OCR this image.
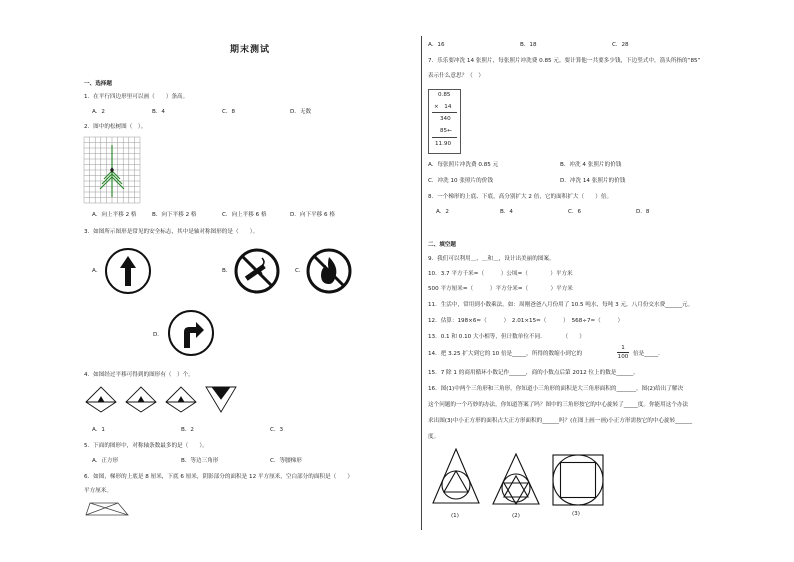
期末测试
一、选择题
1．在平行四边形里可以画（　　）条高。
A．2	B．4	C．8	D．无数
2．图中的松树图（　）。
A．向上平移 2 格	B．向下平移 2 格	C．向上平移 6 格	D．向下平移 6 格
3．如图所示图形是常见的安全标志，其中是轴对称图形的是（　　）。
A．	B．	C．
D．
4．如图经过平移可得到的图形有（　）个。
A．1	B．2	C．3
5．下面的图形中，对称轴条数最多的是（　　）。
A．正方形	B．等边三角形	C．等腰梯形
6．如图，梯形的上底是 8 厘米，下底 6 厘米，阴影部分的面积是 12 平方厘米，空白部分的面积是（　　）
平方厘米。
A．16	B．18	C．28
7．乐乐要冲洗 14 张照片，每张照片冲洗费 0.85 元。要计算他一共要多少钱，下边竖式中，箭头所指的“85”
表示什么意思？（　）
0.85
×　14
340
85←
11.90
A．每张照片冲洗费 0.85 元	B．冲洗 4 张照片的价钱
C．冲洗 10 张照片的价钱	D．冲洗 14 张照片的价钱
8．一个梯形的上底、下底，高分别扩大 2 倍，它的面积扩大（　　）倍。
A．2	B．4	C．6	D．8
二、填空题
9．我们可以利用＿、＿和＿，设计出美丽的图案。
10．3.7 平方千米=（　　　）公顷=（　　　　）平方米
500 平方厘米=（　　　）平方分米=（　　　　）平方米
11．生活中，常用到小数乘法。如：周刚爸爸八月份用了 10.5 吨水，每吨 3 元，八月份交水费______元。
12．估算：198×6≈（　　　）　2.01×15≈（　　　）　568÷7≈（　　　）
13．0.1 和 0.10 大小相等，但计数单位不同．　　　　（　　）
14．把 3.25 扩大到它的 10 倍是_____，所得的数缩小到它的
1
100 倍是_____．
15．7 除 1 的商用循环小数记作______，商的小数点后第 2012 位上的数是______。
16．图(1)中两个三角形和三角形，你知道小三角形的面积是大三角形面积的_______。图(2)给出了解决
这个问题的一个巧妙的办法，你知道答案了吗？图中的三角形按它的中心旋转了_____度。你能用这个办法
求出图(3)中小正方形的面积占大正方形面积的______吗？(在图上画一画)小正方形需按它的中心旋转______
度。
(1)	(2)	(3)
